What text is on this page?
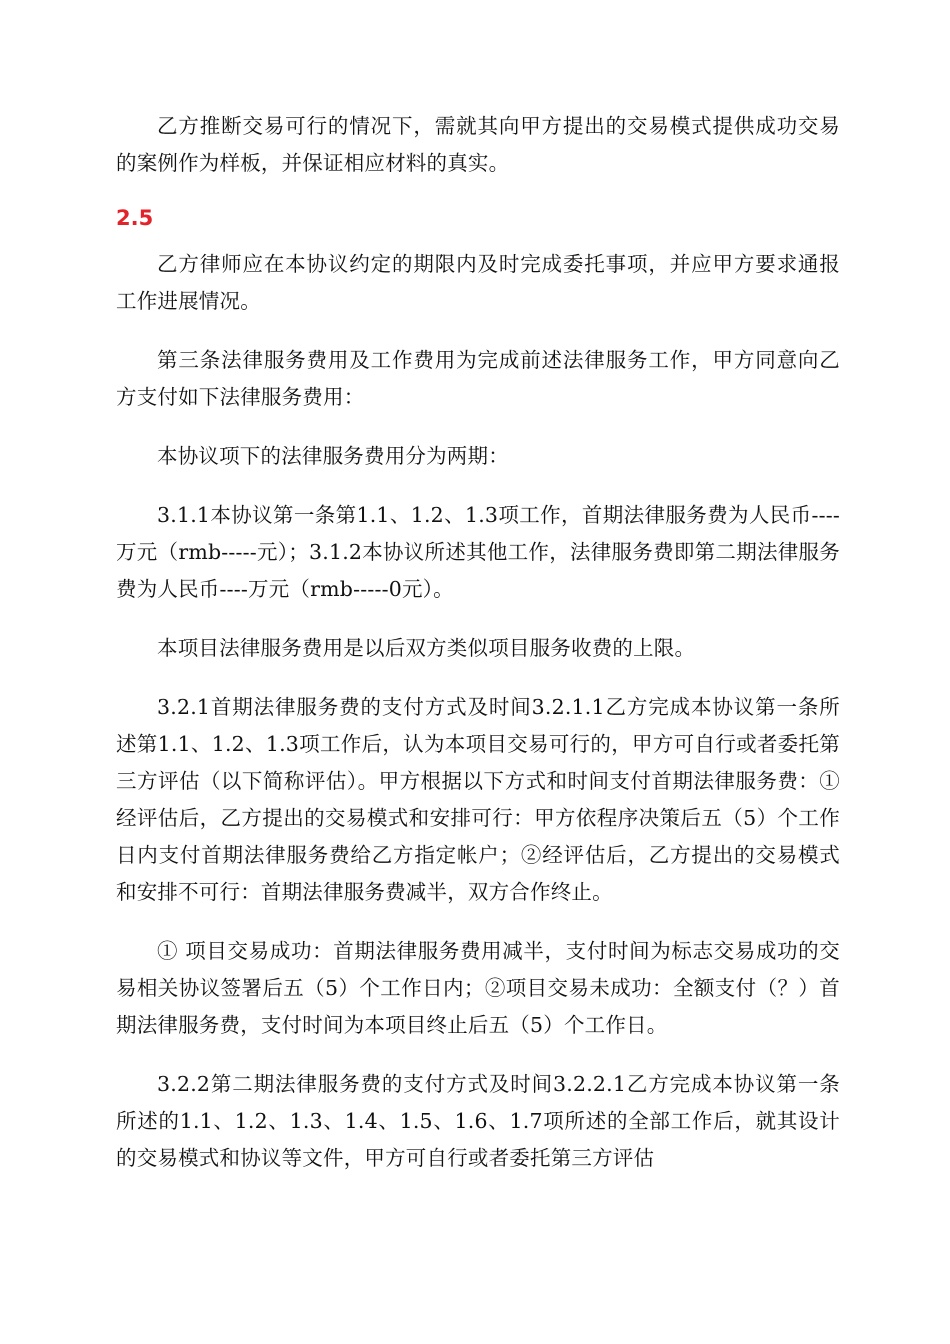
乙方推断交易可行的情况下，需就其向甲方提出的交易模式提供成功交易的案例作为样板，并保证相应材料的真实。

2.5

乙方律师应在本协议约定的期限内及时完成委托事项，并应甲方要求通报工作进展情况。

第三条法律服务费用及工作费用为完成前述法律服务工作，甲方同意向乙方支付如下法律服务费用：

本协议项下的法律服务费用分为两期：

3.1.1本协议第一条第1.1、1.2、1.3项工作，首期法律服务费为人民币----万元（rmb-----元）；3.1.2本协议所述其他工作，法律服务费即第二期法律服务费为人民币----万元（rmb-----0元）。

本项目法律服务费用是以后双方类似项目服务收费的上限。

3.2.1首期法律服务费的支付方式及时间3.2.1.1乙方完成本协议第一条所述第1.1、1.2、1.3项工作后，认为本项目交易可行的，甲方可自行或者委托第三方评估（以下简称评估）。甲方根据以下方式和时间支付首期法律服务费：①经评估后，乙方提出的交易模式和安排可行：甲方依程序决策后五（5）个工作日内支付首期法律服务费给乙方指定帐户；②经评估后，乙方提出的交易模式和安排不可行：首期法律服务费减半，双方合作终止。

① 项目交易成功：首期法律服务费用减半，支付时间为标志交易成功的交易相关协议签署后五（5）个工作日内；②项目交易未成功：全额支付（？）首期法律服务费，支付时间为本项目终止后五（5）个工作日。

3.2.2第二期法律服务费的支付方式及时间3.2.2.1乙方完成本协议第一条所述的1.1、1.2、1.3、1.4、1.5、1.6、1.7项所述的全部工作后，就其设计的交易模式和协议等文件，甲方可自行或者委托第三方评估
